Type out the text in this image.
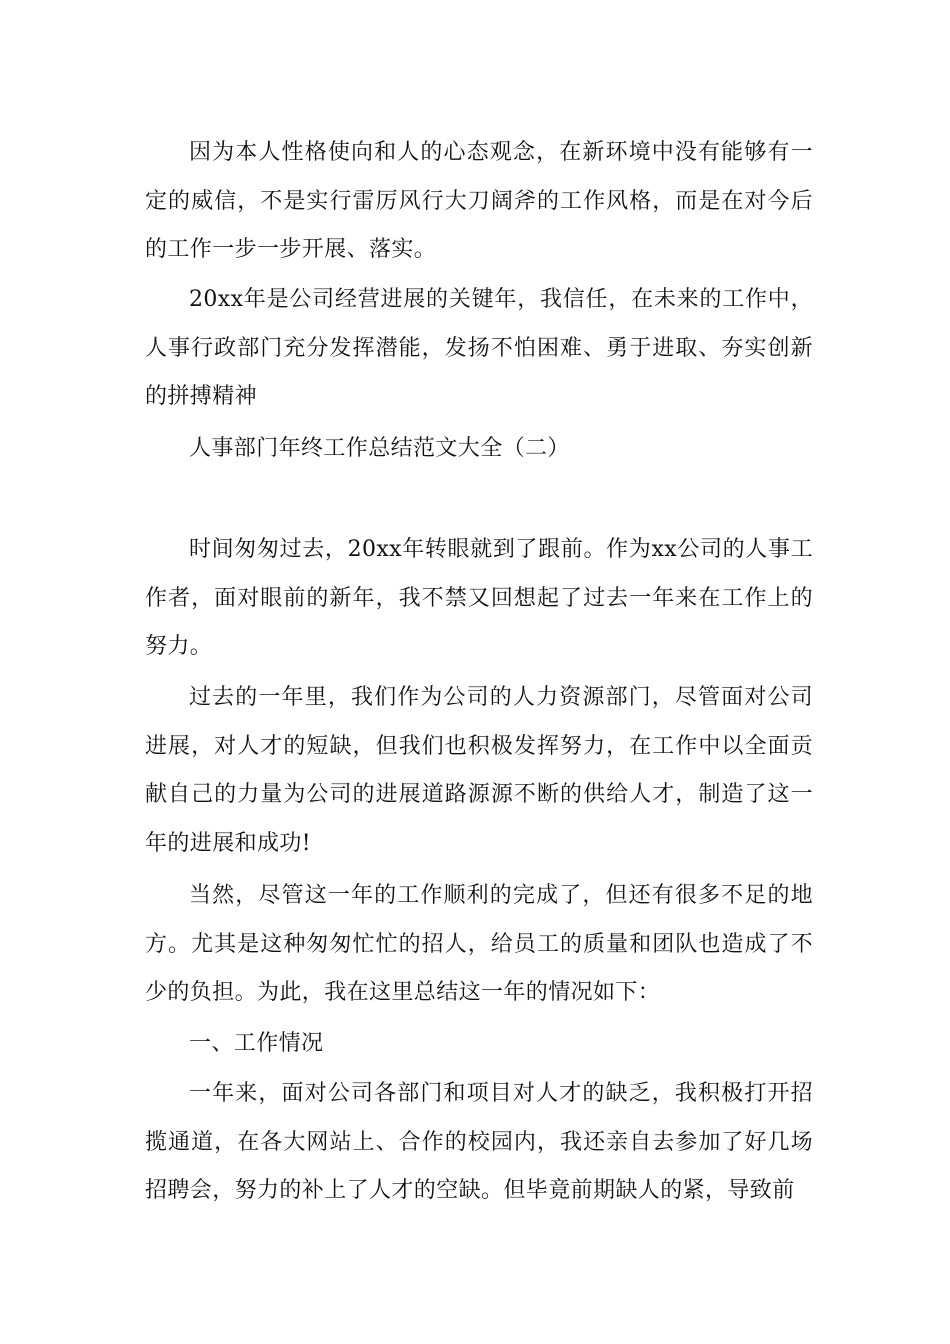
因为本人性格使向和人的心态观念，在新环境中没有能够有一定的威信，不是实行雷厉风行大刀阔斧的工作风格，而是在对今后的工作一步一步开展、落实。

20xx年是公司经营进展的关键年，我信任，在未来的工作中，人事行政部门充分发挥潜能，发扬不怕困难、勇于进取、夯实创新的拼搏精神

人事部门年终工作总结范文大全（二）

时间匆匆过去，20xx年转眼就到了跟前。作为xx公司的人事工作者，面对眼前的新年，我不禁又回想起了过去一年来在工作上的努力。

过去的一年里，我们作为公司的人力资源部门，尽管面对公司进展，对人才的短缺，但我们也积极发挥努力，在工作中以全面贡献自己的力量为公司的进展道路源源不断的供给人才，制造了这一年的进展和成功!

当然，尽管这一年的工作顺利的完成了，但还有很多不足的地方。尤其是这种匆匆忙忙的招人，给员工的质量和团队也造成了不少的负担。为此，我在这里总结这一年的情况如下：

一、工作情况

一年来，面对公司各部门和项目对人才的缺乏，我积极打开招揽通道，在各大网站上、合作的校园内，我还亲自去参加了好几场招聘会，努力的补上了人才的空缺。但毕竟前期缺人的紧，导致前
